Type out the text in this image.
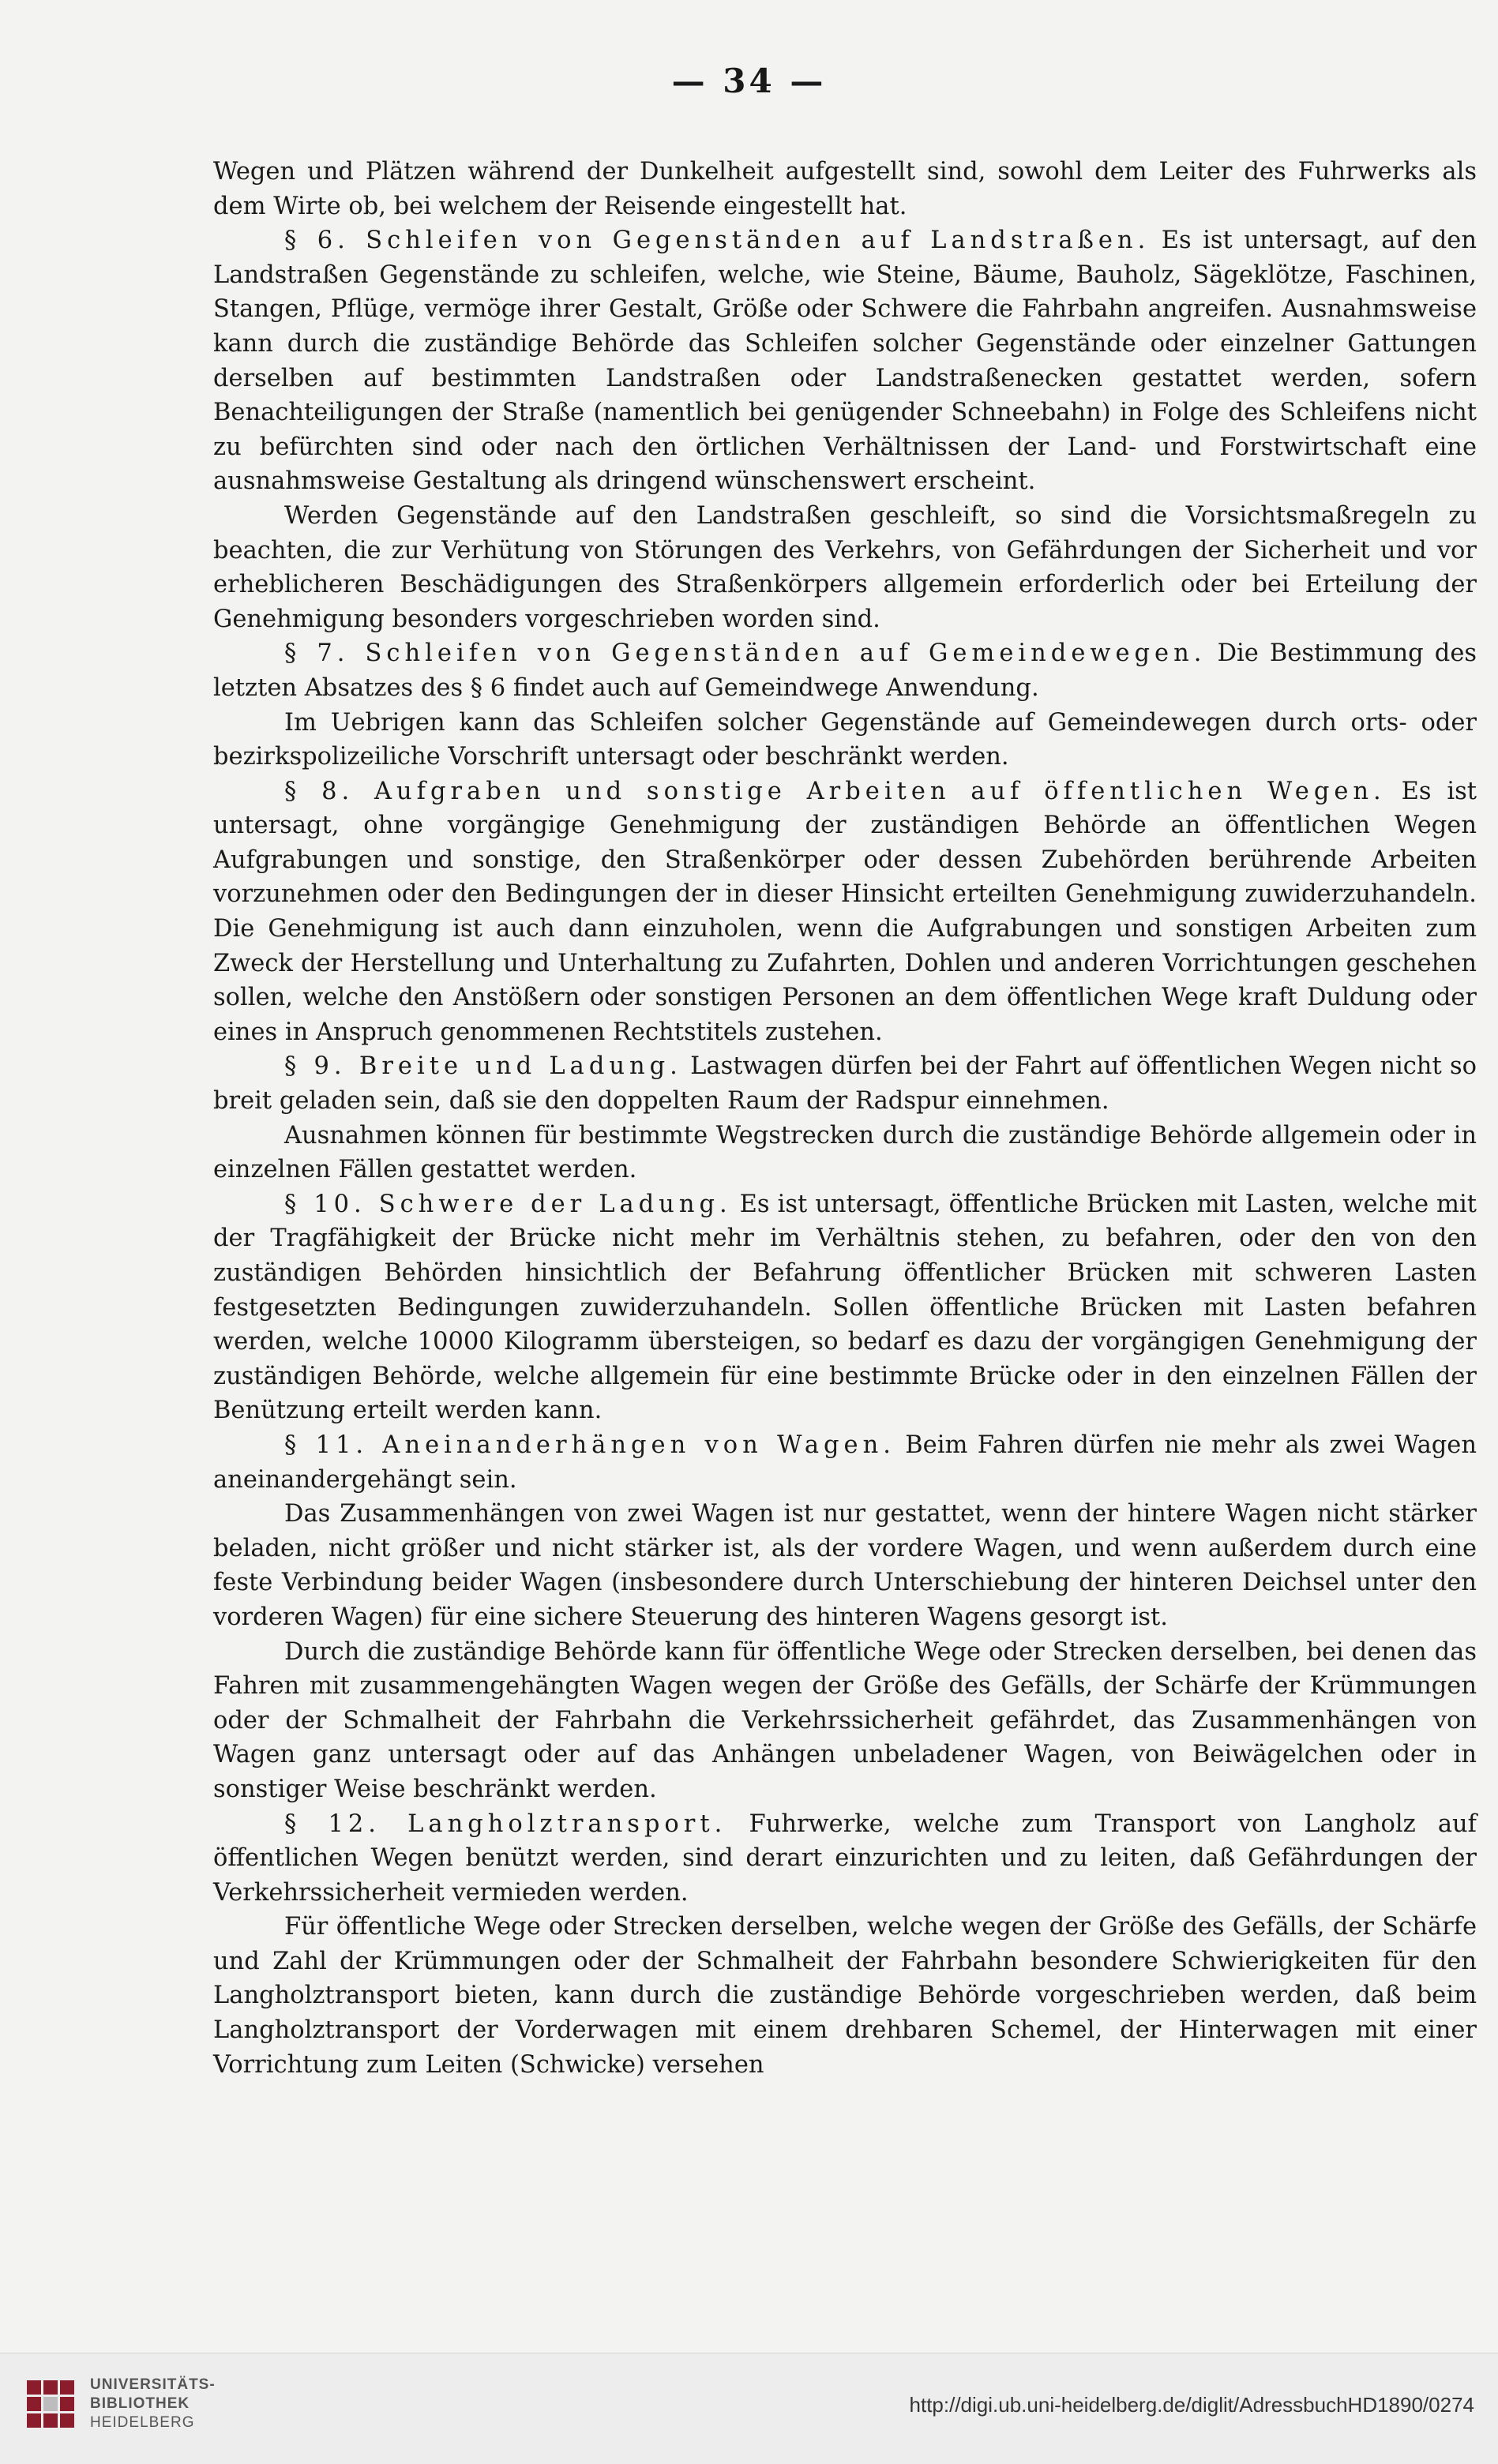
— 34 —

Wegen und Plätzen während der Dunkelheit aufgestellt sind, sowohl dem Leiter des Fuhrwerks als dem Wirte ob, bei welchem der Reisende eingestellt hat.

§ 6. Schleifen von Gegenständen auf Landstraßen. Es ist untersagt, auf den Landstraßen Gegenstände zu schleifen, welche, wie Steine, Bäume, Bauholz, Sägeklötze, Faschinen, Stangen, Pflüge, vermöge ihrer Gestalt, Größe oder Schwere die Fahrbahn angreifen. Ausnahmsweise kann durch die zuständige Behörde das Schleifen solcher Gegenstände oder einzelner Gattungen derselben auf bestimmten Landstraßen oder Landstraßenecken gestattet werden, sofern Benachteiligungen der Straße (namentlich bei genügender Schneebahn) in Folge des Schleifens nicht zu befürchten sind oder nach den örtlichen Verhältnissen der Land- und Forstwirtschaft eine ausnahmsweise Gestaltung als dringend wünschenswert erscheint.

Werden Gegenstände auf den Landstraßen geschleift, so sind die Vorsichtsmaßregeln zu beachten, die zur Verhütung von Störungen des Verkehrs, von Gefährdungen der Sicherheit und vor erheblicheren Beschädigungen des Straßenkörpers allgemein erforderlich oder bei Erteilung der Genehmigung besonders vorgeschrieben worden sind.

§ 7. Schleifen von Gegenständen auf Gemeindewegen. Die Bestimmung des letzten Absatzes des § 6 findet auch auf Gemeindwege Anwendung.

Im Uebrigen kann das Schleifen solcher Gegenstände auf Gemeindewegen durch orts- oder bezirkspolizeiliche Vorschrift untersagt oder beschränkt werden.

§ 8. Aufgraben und sonstige Arbeiten auf öffentlichen Wegen. Es ist untersagt, ohne vorgängige Genehmigung der zuständigen Behörde an öffentlichen Wegen Aufgrabungen und sonstige, den Straßenkörper oder dessen Zubehörden berührende Arbeiten vorzunehmen oder den Bedingungen der in dieser Hinsicht erteilten Genehmigung zuwiderzuhandeln. Die Genehmigung ist auch dann einzuholen, wenn die Aufgrabungen und sonstigen Arbeiten zum Zweck der Herstellung und Unterhaltung zu Zufahrten, Dohlen und anderen Vorrichtungen geschehen sollen, welche den Anstößern oder sonstigen Personen an dem öffentlichen Wege kraft Duldung oder eines in Anspruch genommenen Rechtstitels zustehen.

§ 9. Breite und Ladung. Lastwagen dürfen bei der Fahrt auf öffentlichen Wegen nicht so breit geladen sein, daß sie den doppelten Raum der Radspur einnehmen.

Ausnahmen können für bestimmte Wegstrecken durch die zuständige Behörde allgemein oder in einzelnen Fällen gestattet werden.

§ 10. Schwere der Ladung. Es ist untersagt, öffentliche Brücken mit Lasten, welche mit der Tragfähigkeit der Brücke nicht mehr im Verhältnis stehen, zu befahren, oder den von den zuständigen Behörden hinsichtlich der Befahrung öffentlicher Brücken mit schweren Lasten festgesetzten Bedingungen zuwiderzuhandeln. Sollen öffentliche Brücken mit Lasten befahren werden, welche 10000 Kilogramm übersteigen, so bedarf es dazu der vorgängigen Genehmigung der zuständigen Behörde, welche allgemein für eine bestimmte Brücke oder in den einzelnen Fällen der Benützung erteilt werden kann.

§ 11. Aneinanderhängen von Wagen. Beim Fahren dürfen nie mehr als zwei Wagen aneinandergehängt sein.

Das Zusammenhängen von zwei Wagen ist nur gestattet, wenn der hintere Wagen nicht stärker beladen, nicht größer und nicht stärker ist, als der vordere Wagen, und wenn außerdem durch eine feste Verbindung beider Wagen (insbesondere durch Unterschiebung der hinteren Deichsel unter den vorderen Wagen) für eine sichere Steuerung des hinteren Wagens gesorgt ist.

Durch die zuständige Behörde kann für öffentliche Wege oder Strecken derselben, bei denen das Fahren mit zusammengehängten Wagen wegen der Größe des Gefälls, der Schärfe der Krümmungen oder der Schmalheit der Fahrbahn die Verkehrssicherheit gefährdet, das Zusammenhängen von Wagen ganz untersagt oder auf das Anhängen unbeladener Wagen, von Beiwägelchen oder in sonstiger Weise beschränkt werden.

§ 12. Langholztransport. Fuhrwerke, welche zum Transport von Langholz auf öffentlichen Wegen benützt werden, sind derart einzurichten und zu leiten, daß Gefährdungen der Verkehrssicherheit vermieden werden.

Für öffentliche Wege oder Strecken derselben, welche wegen der Größe des Gefälls, der Schärfe und Zahl der Krümmungen oder der Schmalheit der Fahrbahn besondere Schwierigkeiten für den Langholztransport bieten, kann durch die zuständige Behörde vorgeschrieben werden, daß beim Langholztransport der Vorderwagen mit einem drehbaren Schemel, der Hinterwagen mit einer Vorrichtung zum Leiten (Schwicke) versehen

UNIVERSITÄTS-
BIBLIOTHEK
HEIDELBERG
http://digi.ub.uni-heidelberg.de/diglit/AdressbuchHD1890/0274
